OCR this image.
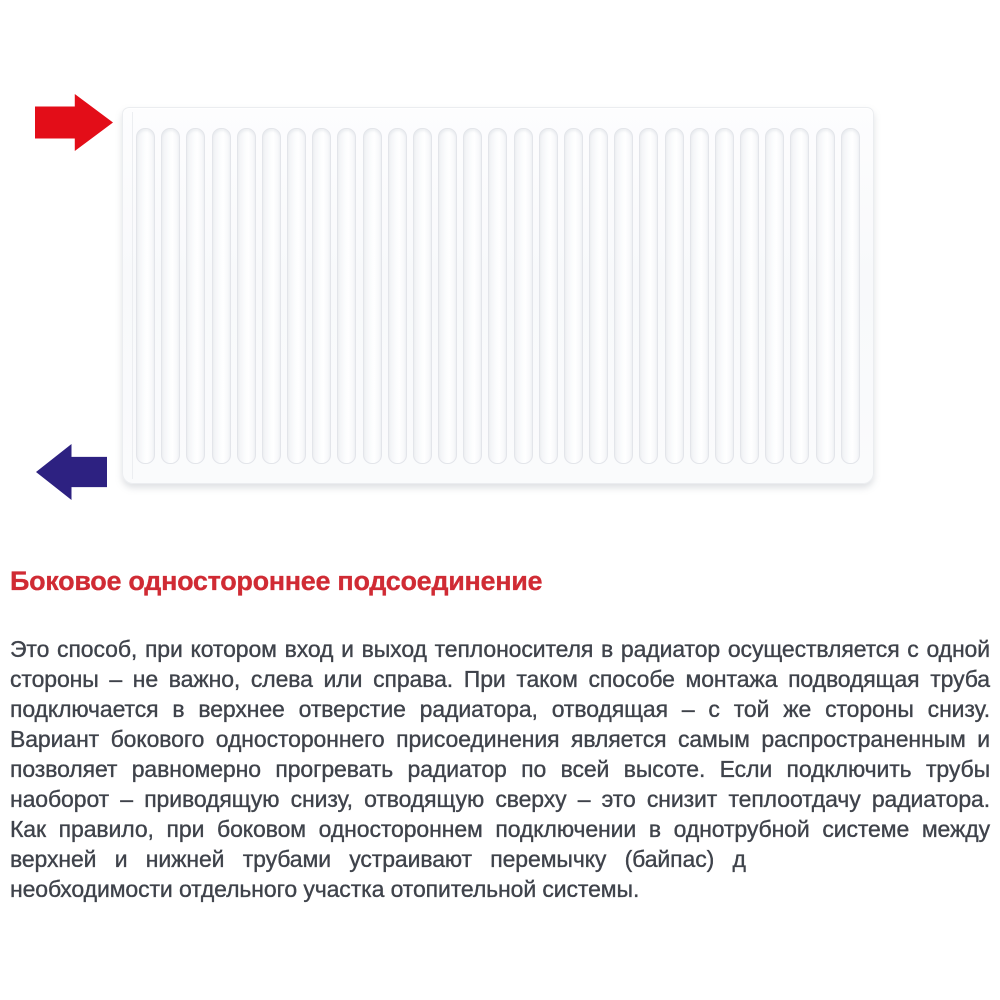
Боковое одностороннее подсоединение
Это способ, при котором вход и выход теплоносителя в радиатор осуществляется с одной
стороны – не важно, слева или справа. При таком способе монтажа подводящая труба
подключается в верхнее отверстие радиатора, отводящая – с той же стороны снизу.
Вариант бокового одностороннего присоединения является самым распространенным и
позволяет равномерно прогревать радиатор по всей высоте. Если подключить трубы
наоборот – приводящую снизу, отводящую сверху – это снизит теплоотдачу радиатора.
Как правило, при боковом одностороннем подключении в однотрубной системе между
верхней и нижней трубами устраивают перемычку (байпас) д
необходимости отдельного участка отопительной системы.
